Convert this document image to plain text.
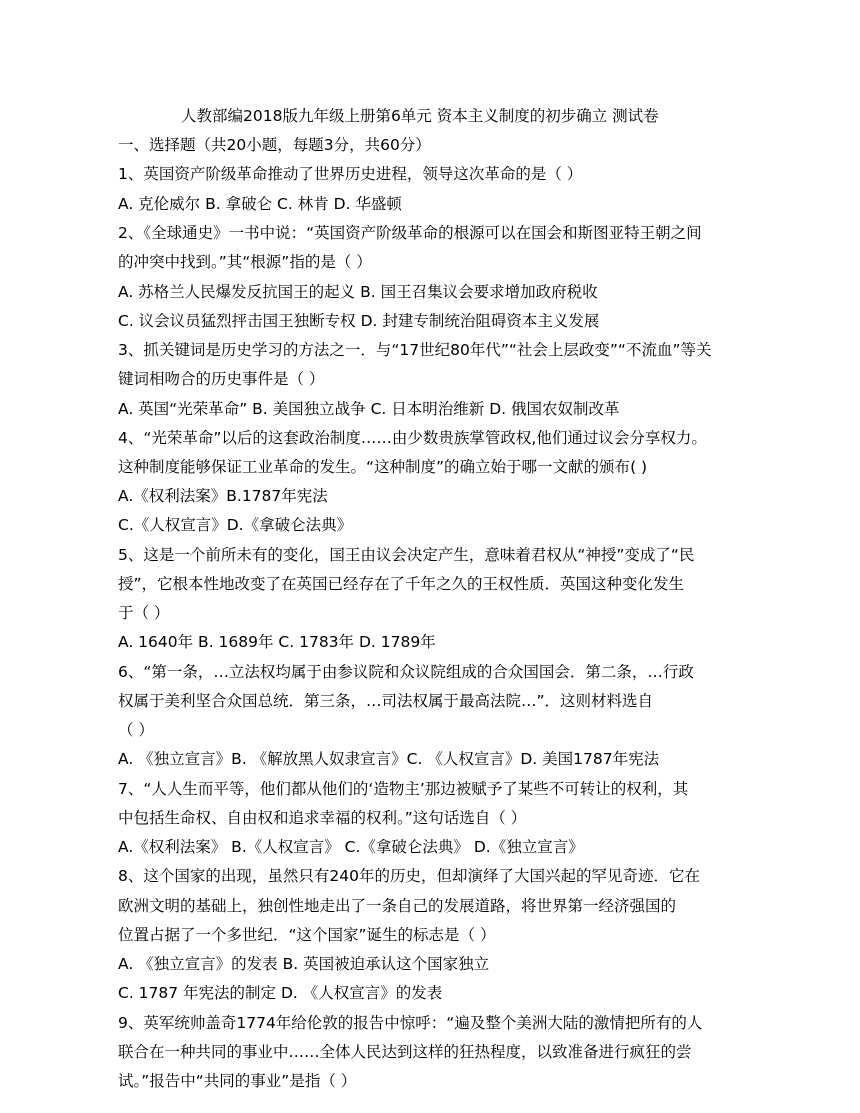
人教部编2018版九年级上册第6单元 资本主义制度的初步确立 测试卷

一、选择题（共20小题，每题3分，共60分）

1、英国资产阶级革命推动了世界历史进程，领导这次革命的是（ ）

A. 克伦威尔 B. 拿破仑 C. 林肯 D. 华盛顿

2、《全球通史》一书中说：“英国资产阶级革命的根源可以在国会和斯图亚特王朝之间

的冲突中找到。”其“根源”指的是（ ）

A. 苏格兰人民爆发反抗国王的起义 B. 国王召集议会要求增加政府税收

C. 议会议员猛烈抨击国王独断专权 D. 封建专制统治阻碍资本主义发展

3、抓关键词是历史学习的方法之一．与“17世纪80年代”“社会上层政变”“不流血”等关

键词相吻合的历史事件是（ ）

A. 英国“光荣革命” B. 美国独立战争 C. 日本明治维新 D. 俄国农奴制改革

4、“光荣革命”以后的这套政治制度……由少数贵族掌管政权,他们通过议会分享权力。

这种制度能够保证工业革命的发生。“这种制度”的确立始于哪一文献的颁布( )

A.《权利法案》B.1787年宪法

C.《人权宣言》D.《拿破仑法典》

5、这是一个前所未有的变化，国王由议会决定产生，意味着君权从“神授”变成了“民

授”，它根本性地改变了在英国已经存在了千年之久的王权性质．英国这种变化发生

于（ ）

A. 1640年 B. 1689年 C. 1783年 D. 1789年

6、“第一条，…立法权均属于由参议院和众议院组成的合众国国会．第二条，…行政

权属于美利坚合众国总统．第三条，…司法权属于最高法院…”．这则材料选自

（ ）

A. 《独立宣言》B. 《解放黑人奴隶宣言》C. 《人权宣言》D. 美国1787年宪法

7、“人人生而平等，他们都从他们的‘造物主’那边被赋予了某些不可转让的权利，其

中包括生命权、自由权和追求幸福的权利。”这句话选自（ ）

A.《权利法案》 B.《人权宣言》 C.《拿破仑法典》 D.《独立宣言》

8、这个国家的出现，虽然只有240年的历史，但却演绎了大国兴起的罕见奇迹．它在

欧洲文明的基础上，独创性地走出了一条自己的发展道路，将世界第一经济强国的

位置占据了一个多世纪．“这个国家”诞生的标志是（ ）

A. 《独立宣言》的发表 B. 英国被迫承认这个国家独立

C. 1787 年宪法的制定 D. 《人权宣言》的发表

9、英军统帅盖奇1774年给伦敦的报告中惊呼：“遍及整个美洲大陆的激情把所有的人

联合在一种共同的事业中……全体人民达到这样的狂热程度，以致准备进行疯狂的尝

试。”报告中“共同的事业”是指（ ）
